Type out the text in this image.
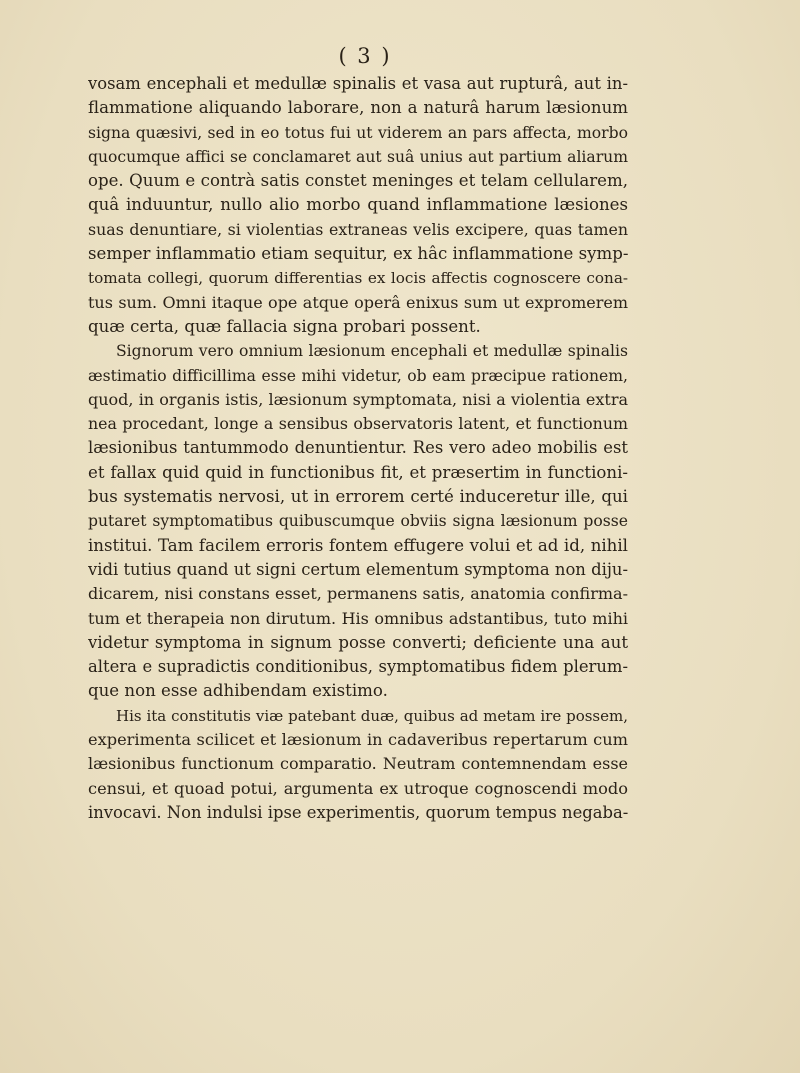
( 3 )
vosam encephali et medullæ spinalis et vasa aut rupturâ, aut in-
flammatione aliquando laborare, non a naturâ harum læsionum
signa quæsivi, sed in eo totus fui ut viderem an pars affecta, morbo
quocumque affici se conclamaret aut suâ unius aut partium aliarum
ope. Quum e contrà satis constet meninges et telam cellularem,
quâ induuntur, nullo alio morbo quand inflammatione læsiones
suas denuntiare, si violentias extraneas velis excipere, quas tamen
semper inflammatio etiam sequitur, ex hâc inflammatione symp-
tomata collegi, quorum differentias ex locis affectis cognoscere cona-
tus sum. Omni itaque ope atque operâ enixus sum ut expromerem
quæ certa, quæ fallacia signa probari possent.
Signorum vero omnium læsionum encephali et medullæ spinalis
æstimatio difficillima esse mihi videtur, ob eam præcipue rationem,
quod, in organis istis, læsionum symptomata, nisi a violentia extra
nea procedant, longe a sensibus observatoris latent, et functionum
læsionibus tantummodo denuntientur. Res vero adeo mobilis est
et fallax quid quid in functionibus fit, et præsertim in functioni-
bus systematis nervosi, ut in errorem certé induceretur ille, qui
putaret symptomatibus quibuscumque obviis signa læsionum posse
institui. Tam facilem erroris fontem effugere volui et ad id, nihil
vidi tutius quand ut signi certum elementum symptoma non diju-
dicarem, nisi constans esset, permanens satis, anatomia confirma-
tum et therapeia non dirutum. His omnibus adstantibus, tuto mihi
videtur symptoma in signum posse converti; deficiente una aut
altera e supradictis conditionibus, symptomatibus fidem plerum-
que non esse adhibendam existimo.
His ita constitutis viæ patebant duæ, quibus ad metam ire possem,
experimenta scilicet et læsionum in cadaveribus repertarum cum
læsionibus functionum comparatio. Neutram contemnendam esse
censui, et quoad potui, argumenta ex utroque cognoscendi modo
invocavi. Non indulsi ipse experimentis, quorum tempus negaba-
